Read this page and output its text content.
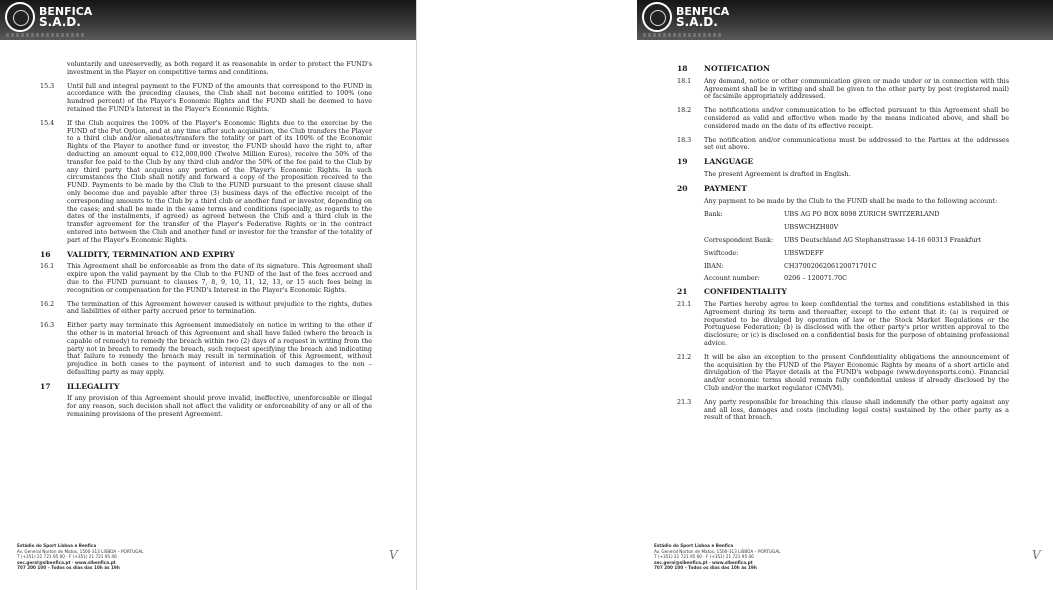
BENFICA
S.A.D.
voluntarily and unreservedly, as both regard it as reasonable in order to protect the FUND's investment in the Player on competitive terms and conditions.
15.3	Until full and integral payment to the FUND of the amounts that correspond to the FUND in accordance with the preceding clauses, the Club shall not become entitled to 100% (one hundred percent) of the Player's Economic Rights and the FUND shall be deemed to have retained the FUND's Interest in the Player's Economic Rights.
15.4	If the Club acquires the 100% of the Player's Economic Rights due to the exercise by the FUND of the Put Option, and at any time after such acquisition, the Club transfers the Player to a third club and/or alienates/transfers the totality or part of its 100% of the Economic Rights of the Player to another fund or investor, the FUND should have the right to, after deducting an amount equal to €12,000,000 (Twelve Million Euros), receive the 50% of the transfer fee paid to the Club by any third club and/or the 50% of the fee paid to the Club by any third party that acquires any portion of the Player's Economic Rights. In such circumstances the Club shall notify and forward a copy of the proposition received to the FUND. Payments to be made by the Club to the FUND pursuant to the present clause shall only become due and payable after three (3) business days of the effective receipt of the corresponding amounts to the Club by a third club or another fund or investor, depending on the cases; and shall be made in the same terms and conditions (specially, as regards to the dates of the instalments, if agreed) as agreed between the Club and a third club in the transfer agreement for the transfer of the Player's Federative Rights or in the contract entered into between the Club and another fund or investor for the transfer of the totality of part of the Player's Economic Rights.
16	VALIDITY, TERMINATION AND EXPIRY
16.1	This Agreement shall be enforceable as from the date of its signature. This Agreement shall expire upon the valid payment by the Club to the FUND of the last of the fees accrued and due to the FUND pursuant to clauses 7, 8, 9, 10, 11, 12, 13, or 15 such fees being in recognition or compensation for the FUND's Interest in the Player's Economic Rights.
16.2	The termination of this Agreement however caused is without prejudice to the rights, duties and liabilities of either party accrued prior to termination.
16.3	Either party may terminate this Agreement immediately on notice in writing to the other if the other is in material breach of this Agreement and shall have failed (where the breach is capable of remedy) to remedy the breach within two (2) days of a request in writing from the party not in breach to remedy the breach, such request specifying the breach and indicating that failure to remedy the breach may result in termination of this Agreement, without prejudice in both cases to the payment of interest and to such damages to the non – defaulting party as may apply.
17	ILLEGALITY
If any provision of this Agreement should prove invalid, ineffective, unenforceable or illegal for any reason, such decision shall not affect the validity or enforceability of any or all of the remaining provisions of the present Agreement.
Estádio do Sport Lisboa e Benfica
Av. General Norton de Matos, 1500-313 LISBOA – PORTUGAL
T (+351) 21 721 95 00 · F (+351) 21 721 95 46
sec.geral@slbenfica.pt · www.slbenfica.pt
707 200 100 – Todos os dias das 10h às 19h
V
BENFICA
S.A.D.
18	NOTIFICATION
18.1	Any demand, notice or other communication given or made under or in connection with this Agreement shall be in writing and shall be given to the other party by post (registered mail) or facsimile appropriately addressed.
18.2	The notifications and/or communication to be effected pursuant to this Agreement shall be considered as valid and effective when made by the means indicated above, and shall be considered made on the date of its effective receipt.
18.3	The notification and/or communications must be addressed to the Parties at the addresses set out above.
19	LANGUAGE
The present Agreement is drafted in English.
20	PAYMENT
Any payment to be made by the Club to the FUND shall be made to the following account:
Bank:	UBS AG PO BOX 8098 ZURICH SWITZERLAND
UBSWCHZH80V
Correspondent Bank:	UBS Deutschland AG Stephanstrasse 14-16 60313 Frankfurt
Swiftcode:	UBSWDEFF
IBAN:	CH3700206206120071701C
Account number:	0206 – 120071.70C
21	CONFIDENTIALITY
21.1	The Parties hereby agree to keep confidential the terms and conditions established in this Agreement during its term and thereafter, except to the extent that it: (a) is required or requested to be divulged by operation of law or the Stock Market Regulations or the Portuguese Federation; (b) is disclosed with the other party's prior written approval to the disclosure; or (c) is disclosed on a confidential basis for the purpose of obtaining professional advice.
21.2	It will be also an exception to the present Confidentiality obligations the announcement of the acquisition by the FUND of the Player Economic Rights by means of a short article and divulgation of the Player details at the FUND's webpage (www.doyensports.com). Financial and/or economic terms should remain fully confidential unless if already disclosed by the Club and/or the market regulator (CMVM).
21.3	Any party responsible for breaching this clause shall indemnify the other party against any and all loss, damages and costs (including legal costs) sustained by the other party as a result of that breach.
Estádio do Sport Lisboa e Benfica
Av. General Norton de Matos, 1500-313 LISBOA – PORTUGAL
T (+351) 21 721 95 00 · F (+351) 21 721 95 46
sec.geral@slbenfica.pt · www.slbenfica.pt
707 200 100 – Todos os dias das 10h às 19h
V
